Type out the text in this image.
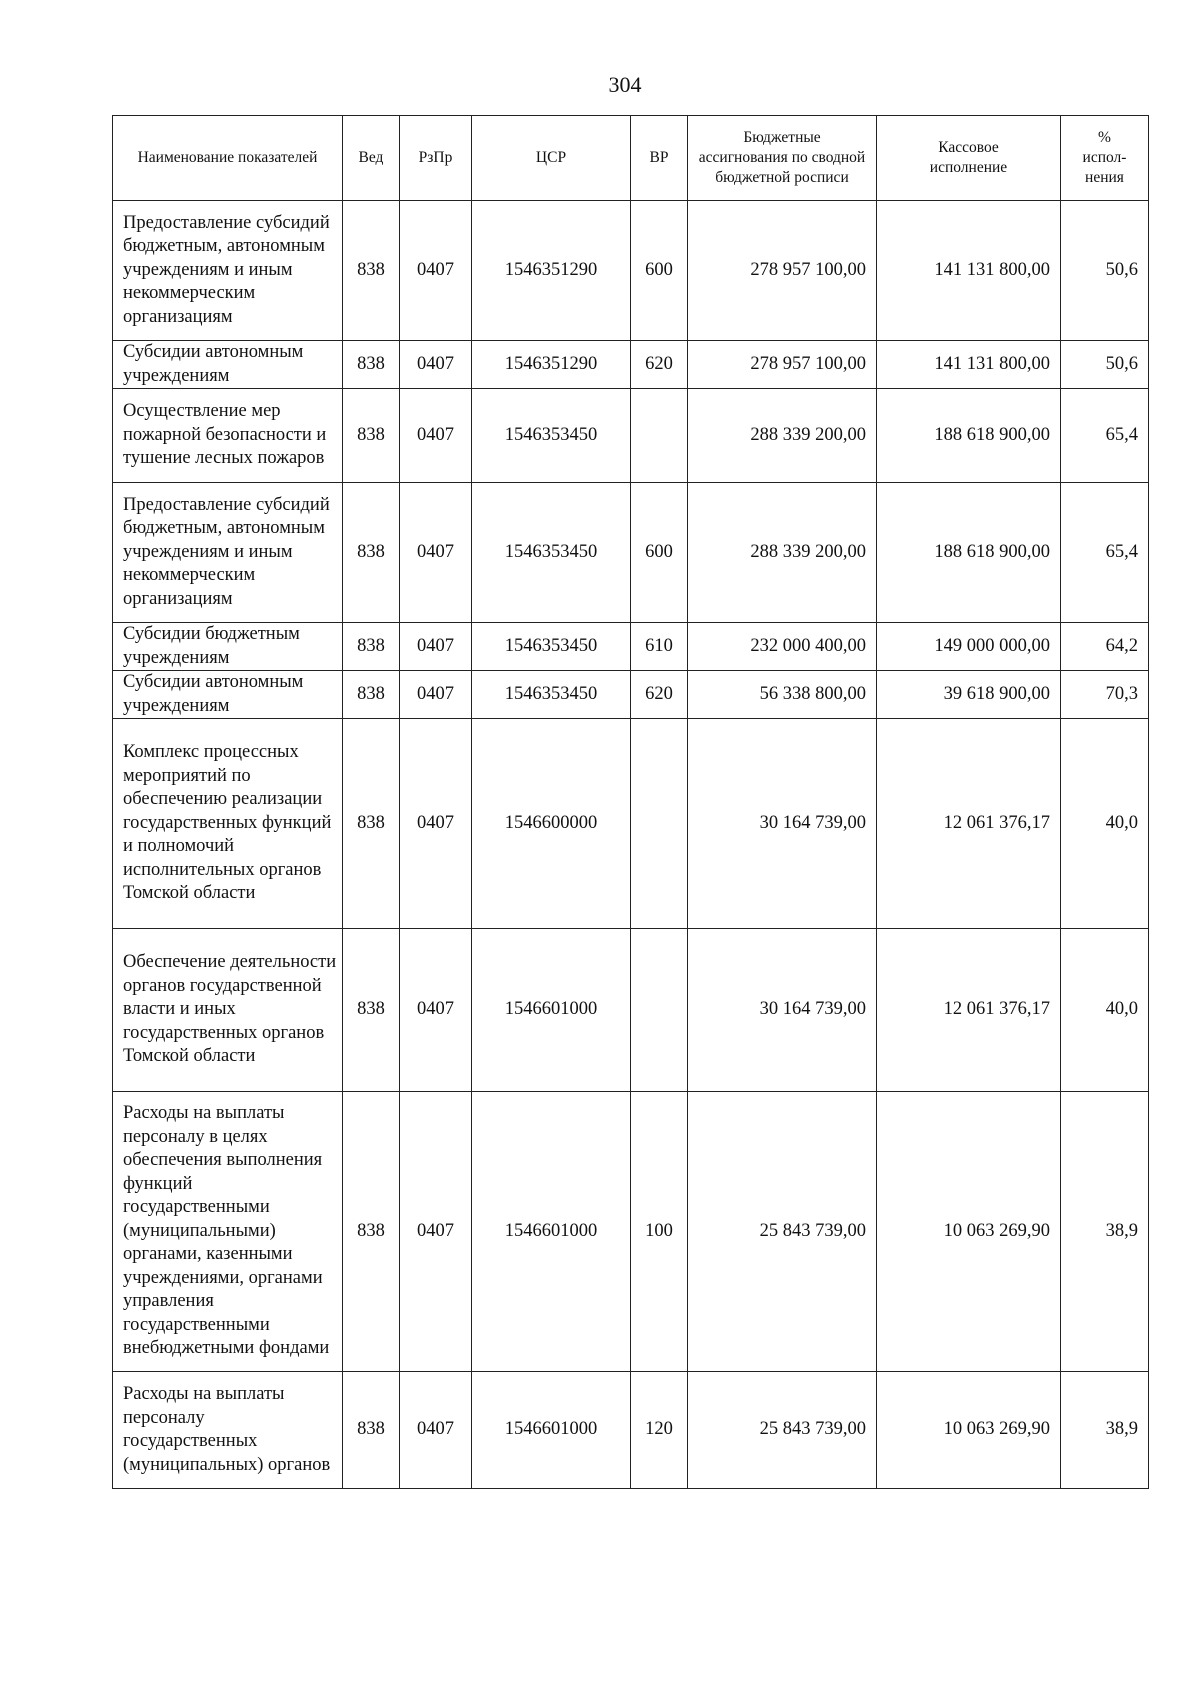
304
Наименование показателей	Вед	РзПр	ЦСР	ВР	Бюджетные ассигнования по сводной бюджетной росписи	Кассовое исполнение	% испол-нения
Предоставление субсидий бюджетным, автономным учреждениям и иным некоммерческим организациям	838	0407	1546351290	600	278 957 100,00	141 131 800,00	50,6
Субсидии автономным учреждениям	838	0407	1546351290	620	278 957 100,00	141 131 800,00	50,6
Осуществление мер пожарной безопасности и тушение лесных пожаров	838	0407	1546353450		288 339 200,00	188 618 900,00	65,4
Предоставление субсидий бюджетным, автономным учреждениям и иным некоммерческим организациям	838	0407	1546353450	600	288 339 200,00	188 618 900,00	65,4
Субсидии бюджетным учреждениям	838	0407	1546353450	610	232 000 400,00	149 000 000,00	64,2
Субсидии автономным учреждениям	838	0407	1546353450	620	56 338 800,00	39 618 900,00	70,3
Комплекс процессных мероприятий по обеспечению реализации государственных функций и полномочий исполнительных органов Томской области	838	0407	1546600000		30 164 739,00	12 061 376,17	40,0
Обеспечение деятельности органов государственной власти и иных государственных органов Томской области	838	0407	1546601000		30 164 739,00	12 061 376,17	40,0
Расходы на выплаты персоналу в целях обеспечения выполнения функций государственными (муниципальными) органами, казенными учреждениями, органами управления государственными внебюджетными фондами	838	0407	1546601000	100	25 843 739,00	10 063 269,90	38,9
Расходы на выплаты персоналу государственных (муниципальных) органов	838	0407	1546601000	120	25 843 739,00	10 063 269,90	38,9
